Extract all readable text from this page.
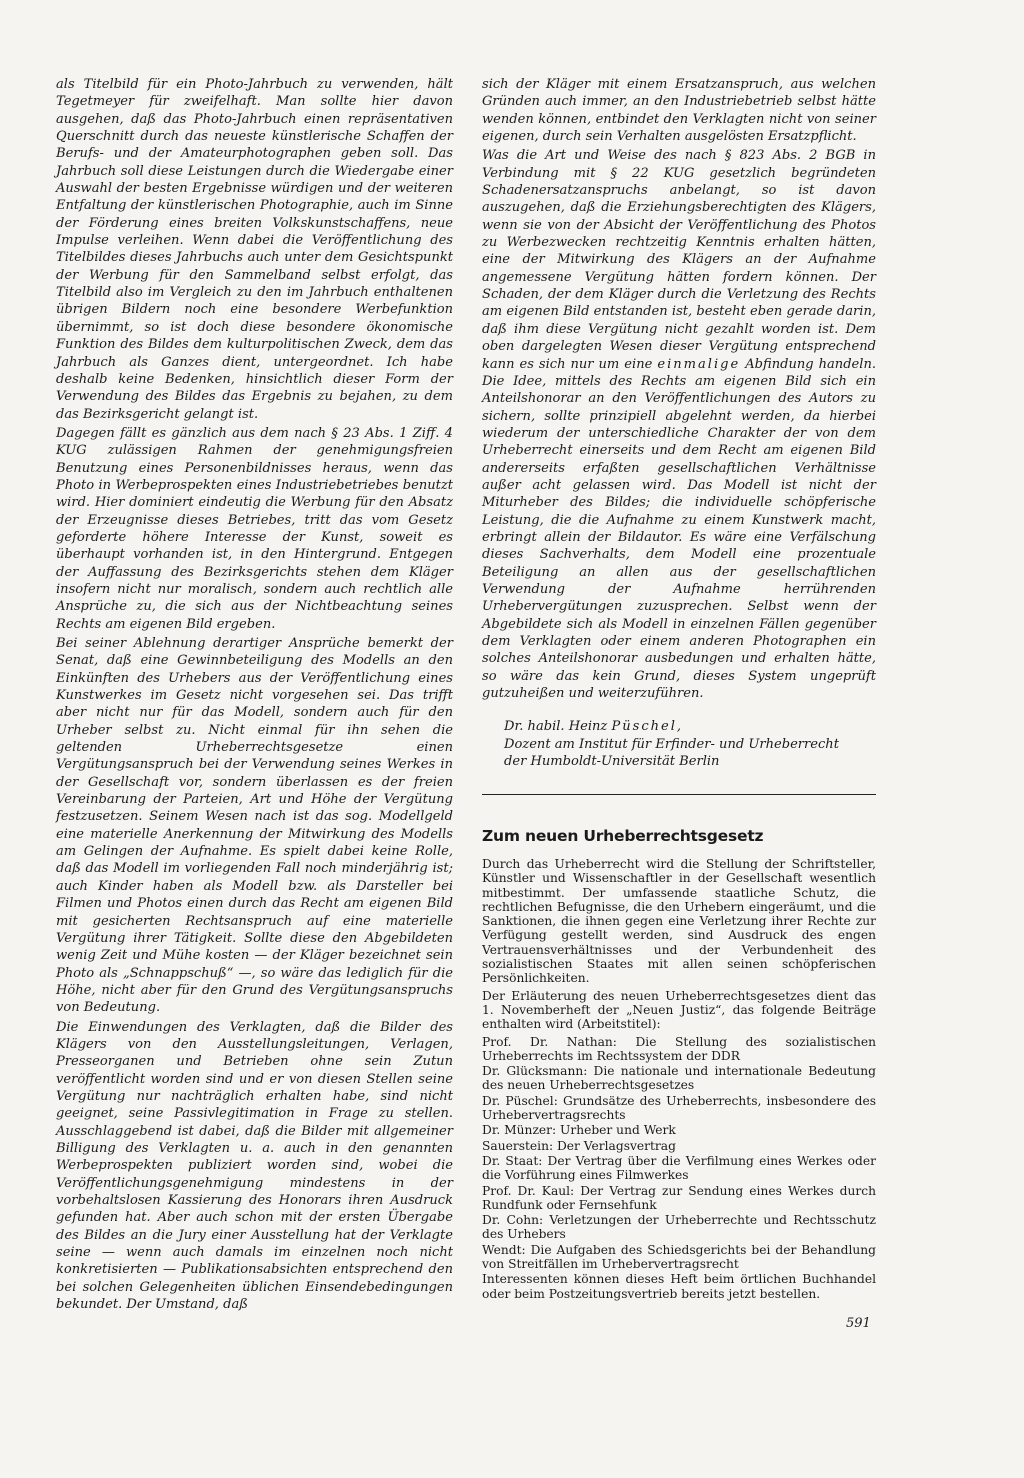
als Titelbild für ein Photo-Jahrbuch zu verwenden, hält Tegetmeyer für zweifelhaft. Man sollte hier davon ausgehen, daß das Photo-Jahrbuch einen repräsentativen Querschnitt durch das neueste künstlerische Schaffen der Berufs- und der Amateurphotographen geben soll. Das Jahrbuch soll diese Leistungen durch die Wiedergabe einer Auswahl der besten Ergebnisse würdigen und der weiteren Entfaltung der künstlerischen Photographie, auch im Sinne der Förderung eines breiten Volkskunstschaffens, neue Impulse verleihen. Wenn dabei die Veröffentlichung des Titelbildes dieses Jahrbuchs auch unter dem Gesichtspunkt der Werbung für den Sammelband selbst erfolgt, das Titelbild also im Vergleich zu den im Jahrbuch enthaltenen übrigen Bildern noch eine besondere Werbefunktion übernimmt, so ist doch diese besondere ökonomische Funktion des Bildes dem kulturpolitischen Zweck, dem das Jahrbuch als Ganzes dient, untergeordnet. Ich habe deshalb keine Bedenken, hinsichtlich dieser Form der Verwendung des Bildes das Ergebnis zu bejahen, zu dem das Bezirksgericht gelangt ist.

Dagegen fällt es gänzlich aus dem nach § 23 Abs. 1 Ziff. 4 KUG zulässigen Rahmen der genehmigungsfreien Benutzung eines Personenbildnisses heraus, wenn das Photo in Werbeprospekten eines Industriebetriebes benutzt wird. Hier dominiert eindeutig die Werbung für den Absatz der Erzeugnisse dieses Betriebes, tritt das vom Gesetz geforderte höhere Interesse der Kunst, soweit es überhaupt vorhanden ist, in den Hintergrund. Entgegen der Auffassung des Bezirksgerichts stehen dem Kläger insofern nicht nur moralisch, sondern auch rechtlich alle Ansprüche zu, die sich aus der Nichtbeachtung seines Rechts am eigenen Bild ergeben.

Bei seiner Ablehnung derartiger Ansprüche bemerkt der Senat, daß eine Gewinnbeteiligung des Modells an den Einkünften des Urhebers aus der Veröffentlichung eines Kunstwerkes im Gesetz nicht vorgesehen sei. Das trifft aber nicht nur für das Modell, sondern auch für den Urheber selbst zu. Nicht einmal für ihn sehen die geltenden Urheberrechtsgesetze einen Vergütungsanspruch bei der Verwendung seines Werkes in der Gesellschaft vor, sondern überlassen es der freien Vereinbarung der Parteien, Art und Höhe der Vergütung festzusetzen. Seinem Wesen nach ist das sog. Modellgeld eine materielle Anerkennung der Mitwirkung des Modells am Gelingen der Aufnahme. Es spielt dabei keine Rolle, daß das Modell im vorliegenden Fall noch minderjährig ist; auch Kinder haben als Modell bzw. als Darsteller bei Filmen und Photos einen durch das Recht am eigenen Bild mit gesicherten Rechtsanspruch auf eine materielle Vergütung ihrer Tätigkeit. Sollte diese den Abgebildeten wenig Zeit und Mühe kosten — der Kläger bezeichnet sein Photo als „Schnappschuß“ —, so wäre das lediglich für die Höhe, nicht aber für den Grund des Vergütungsanspruchs von Bedeutung.

Die Einwendungen des Verklagten, daß die Bilder des Klägers von den Ausstellungsleitungen, Verlagen, Presseorganen und Betrieben ohne sein Zutun veröffentlicht worden sind und er von diesen Stellen seine Vergütung nur nachträglich erhalten habe, sind nicht geeignet, seine Passivlegitimation in Frage zu stellen. Ausschlaggebend ist dabei, daß die Bilder mit allgemeiner Billigung des Verklagten u. a. auch in den genannten Werbeprospekten publiziert worden sind, wobei die Veröffentlichungsgenehmigung mindestens in der vorbehaltslosen Kassierung des Honorars ihren Ausdruck gefunden hat. Aber auch schon mit der ersten Übergabe des Bildes an die Jury einer Ausstellung hat der Verklagte seine — wenn auch damals im einzelnen noch nicht konkretisierten — Publikationsabsichten entsprechend den bei solchen Gelegenheiten üblichen Einsendebedingungen bekundet. Der Umstand, daß

sich der Kläger mit einem Ersatzanspruch, aus welchen Gründen auch immer, an den Industriebetrieb selbst hätte wenden können, entbindet den Verklagten nicht von seiner eigenen, durch sein Verhalten ausgelösten Ersatzpflicht.

Was die Art und Weise des nach § 823 Abs. 2 BGB in Verbindung mit § 22 KUG gesetzlich begründeten Schadenersatzanspruchs anbelangt, so ist davon auszugehen, daß die Erziehungsberechtigten des Klägers, wenn sie von der Absicht der Veröffentlichung des Photos zu Werbezwecken rechtzeitig Kenntnis erhalten hätten, eine der Mitwirkung des Klägers an der Aufnahme angemessene Vergütung hätten fordern können. Der Schaden, der dem Kläger durch die Verletzung des Rechts am eigenen Bild entstanden ist, besteht eben gerade darin, daß ihm diese Vergütung nicht gezahlt worden ist. Dem oben dargelegten Wesen dieser Vergütung entsprechend kann es sich nur um eine einmalige Abfindung handeln. Die Idee, mittels des Rechts am eigenen Bild sich ein Anteilshonorar an den Veröffentlichungen des Autors zu sichern, sollte prinzipiell abgelehnt werden, da hierbei wiederum der unterschiedliche Charakter der von dem Urheberrecht einerseits und dem Recht am eigenen Bild andererseits erfaßten gesellschaftlichen Verhältnisse außer acht gelassen wird. Das Modell ist nicht der Miturheber des Bildes; die individuelle schöpferische Leistung, die die Aufnahme zu einem Kunstwerk macht, erbringt allein der Bildautor. Es wäre eine Verfälschung dieses Sachverhalts, dem Modell eine prozentuale Beteiligung an allen aus der gesellschaftlichen Verwendung der Aufnahme herrührenden Urhebervergütungen zuzusprechen. Selbst wenn der Abgebildete sich als Modell in einzelnen Fällen gegenüber dem Verklagten oder einem anderen Photographen ein solches Anteilshonorar ausbedungen und erhalten hätte, so wäre das kein Grund, dieses System ungeprüft gutzuheißen und weiterzuführen.

Dr. habil. Heinz Püschel,
Dozent am Institut für Erfinder- und Urheberrecht
der Humboldt-Universität Berlin
Zum neuen Urheberrechtsgesetz

Durch das Urheberrecht wird die Stellung der Schriftsteller, Künstler und Wissenschaftler in der Gesellschaft wesentlich mitbestimmt. Der umfassende staatliche Schutz, die rechtlichen Befugnisse, die den Urhebern eingeräumt, und die Sanktionen, die ihnen gegen eine Verletzung ihrer Rechte zur Verfügung gestellt werden, sind Ausdruck des engen Vertrauensverhältnisses und der Verbundenheit des sozialistischen Staates mit allen seinen schöpferischen Persönlichkeiten.

Der Erläuterung des neuen Urheberrechtsgesetzes dient das 1. Novemberheft der „Neuen Justiz“, das folgende Beiträge enthalten wird (Arbeitstitel):

Prof. Dr. Nathan: Die Stellung des sozialistischen Urheberrechts im Rechtssystem der DDR

Dr. Glücksmann: Die nationale und internationale Bedeutung des neuen Urheberrechtsgesetzes

Dr. Püschel: Grundsätze des Urheberrechts, insbesondere des Urhebervertragsrechts

Dr. Münzer: Urheber und Werk

Sauerstein: Der Verlagsvertrag

Dr. Staat: Der Vertrag über die Verfilmung eines Werkes oder die Vorführung eines Filmwerkes

Prof. Dr. Kaul: Der Vertrag zur Sendung eines Werkes durch Rundfunk oder Fernsehfunk

Dr. Cohn: Verletzungen der Urheberrechte und Rechtsschutz des Urhebers

Wendt: Die Aufgaben des Schiedsgerichts bei der Behandlung von Streitfällen im Urhebervertragsrecht

Interessenten können dieses Heft beim örtlichen Buchhandel oder beim Postzeitungsvertrieb bereits jetzt bestellen.

591
